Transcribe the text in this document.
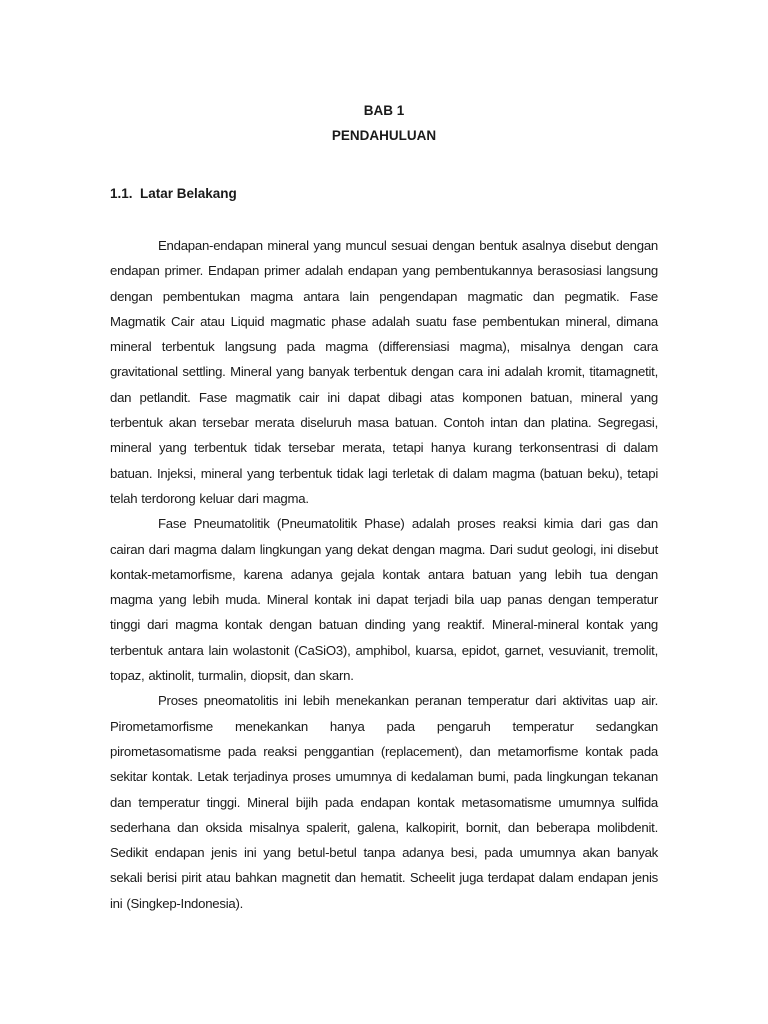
BAB 1

PENDAHULUAN

1.1. Latar Belakang

Endapan-endapan mineral yang muncul sesuai dengan bentuk asalnya disebut dengan endapan primer. Endapan primer adalah endapan yang pembentukannya berasosiasi langsung dengan pembentukan magma antara lain pengendapan magmatic dan pegmatik. Fase Magmatik Cair atau Liquid magmatic phase adalah suatu fase pembentukan mineral, dimana mineral terbentuk langsung pada magma (differensiasi magma), misalnya dengan cara gravitational settling. Mineral yang banyak terbentuk dengan cara ini adalah kromit, titamagnetit, dan petlandit. Fase magmatik cair ini dapat dibagi atas komponen batuan, mineral yang terbentuk akan tersebar merata diseluruh masa batuan. Contoh intan dan platina. Segregasi, mineral yang terbentuk tidak tersebar merata, tetapi hanya kurang terkonsentrasi di dalam batuan. Injeksi, mineral yang terbentuk tidak lagi terletak di dalam magma (batuan beku), tetapi telah terdorong keluar dari magma.

Fase Pneumatolitik (Pneumatolitik Phase) adalah proses reaksi kimia dari gas dan cairan dari magma dalam lingkungan yang dekat dengan magma. Dari sudut geologi, ini disebut kontak-metamorfisme, karena adanya gejala kontak antara batuan yang lebih tua dengan magma yang lebih muda. Mineral kontak ini dapat terjadi bila uap panas dengan temperatur tinggi dari magma kontak dengan batuan dinding yang reaktif. Mineral-mineral kontak yang terbentuk antara lain wolastonit (CaSiO3), amphibol, kuarsa, epidot, garnet, vesuvianit, tremolit, topaz, aktinolit, turmalin, diopsit, dan skarn.

Proses pneomatolitis ini lebih menekankan peranan temperatur dari aktivitas uap air. Pirometamorfisme menekankan hanya pada pengaruh temperatur sedangkan pirometasomatisme pada reaksi penggantian (replacement), dan metamorfisme kontak pada sekitar kontak. Letak terjadinya proses umumnya di kedalaman bumi, pada lingkungan tekanan dan temperatur tinggi. Mineral bijih pada endapan kontak metasomatisme umumnya sulfida sederhana dan oksida misalnya spalerit, galena, kalkopirit, bornit, dan beberapa molibdenit. Sedikit endapan jenis ini yang betul-betul tanpa adanya besi, pada umumnya akan banyak sekali berisi pirit atau bahkan magnetit dan hematit. Scheelit juga terdapat dalam endapan jenis ini (Singkep-Indonesia).
